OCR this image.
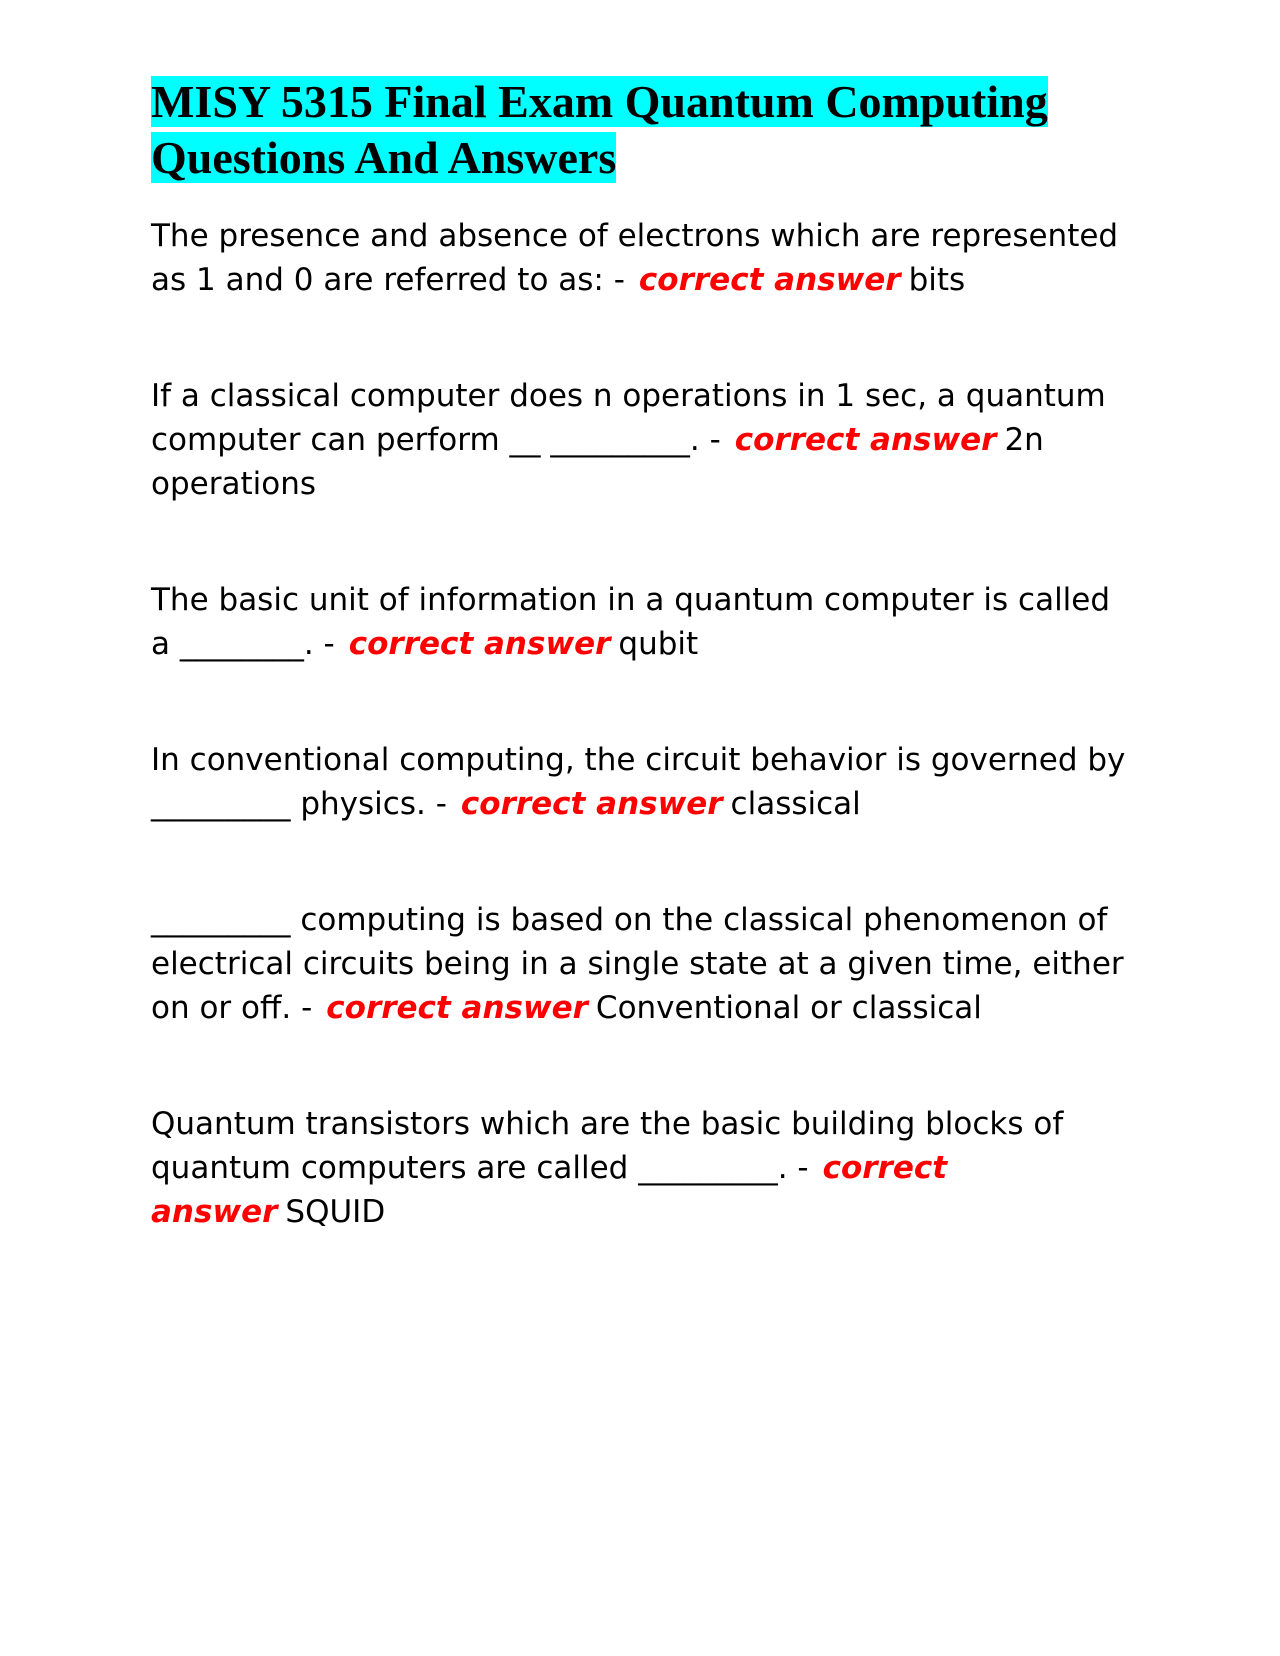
MISY 5315 Final Exam Quantum Computing Questions And Answers

The presence and absence of electrons which are represented as 1 and 0 are referred to as: - correct answer bits

If a classical computer does n operations in 1 sec, a quantum computer can perform __ _________. - correct answer 2n operations

The basic unit of information in a quantum computer is called a ________. - correct answer qubit

In conventional computing, the circuit behavior is governed by _________ physics. - correct answer classical

_________ computing is based on the classical phenomenon of electrical circuits being in a single state at a given time, either on or off. - correct answer Conventional or classical

Quantum transistors which are the basic building blocks of quantum computers are called _________. - correct answer SQUID
